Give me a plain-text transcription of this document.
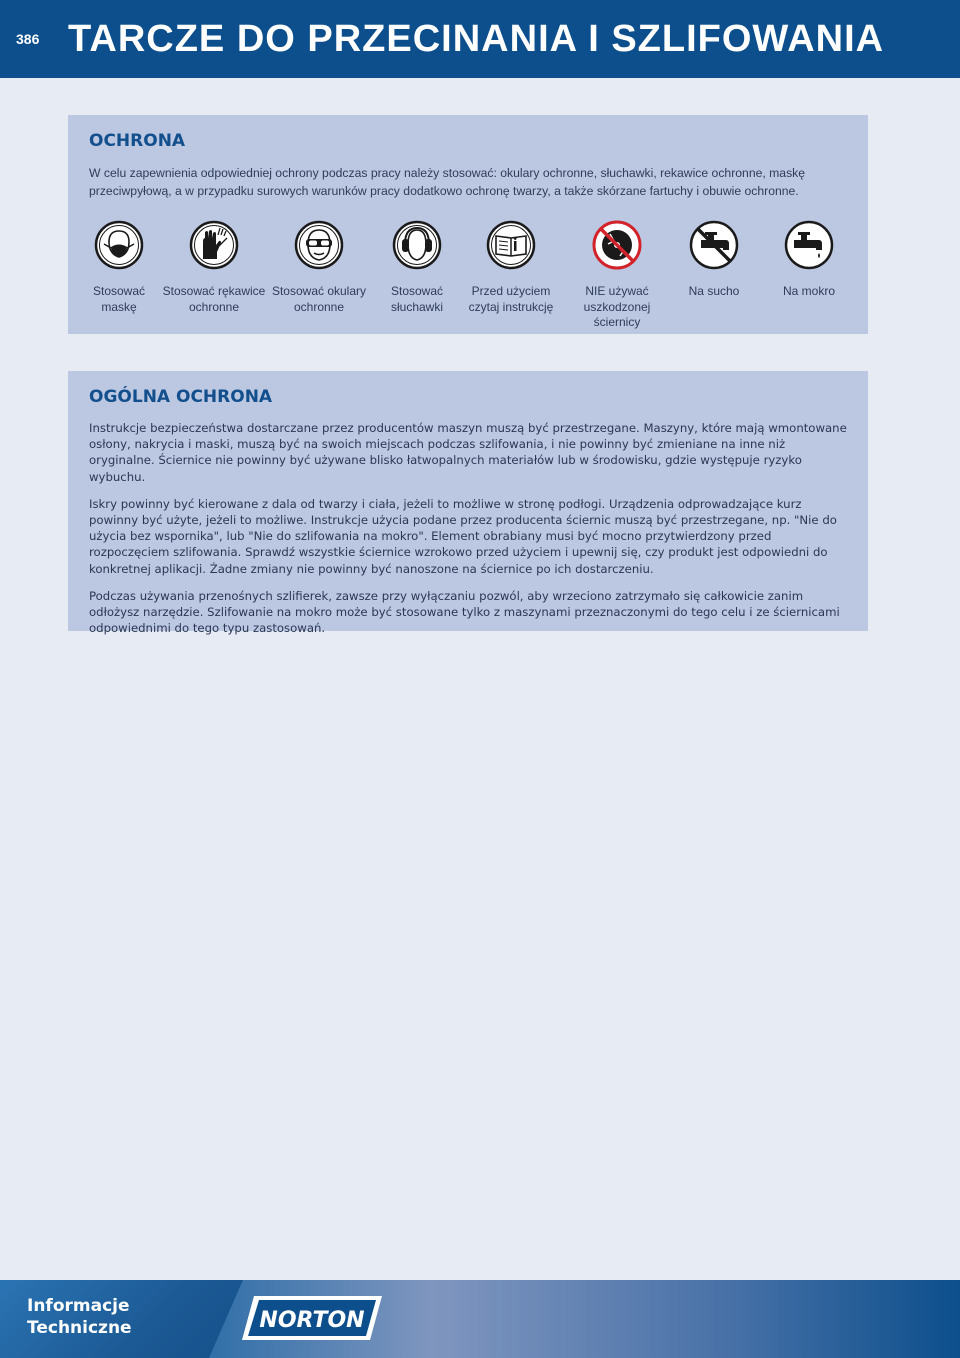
386 TARCZE DO PRZECINANIA I SZLIFOWANIA
OCHRONA
W celu zapewnienia odpowiedniej ochrony podczas pracy należy stosować: okulary ochronne, słuchawki, rekawice ochronne, maskę przeciwpyłową, a w przypadku surowych warunków pracy dodatkowo ochronę twarzy, a także skórzane fartuchy i obuwie ochronne.
Stosować
maskę
Stosować rękawice
ochronne
Stosować okulary
ochronne
Stosować
słuchawki
Przed użyciem
czytaj instrukcję
NIE używać
uszkodzonej
ściernicy
Na sucho	Na mokro
OGÓLNA OCHRONA

Instrukcje bezpieczeństwa dostarczane przez producentów maszyn muszą być przestrzegane. Maszyny, które mają wmontowane osłony, nakrycia i maski, muszą być na swoich miejscach podczas szlifowania, i nie powinny być zmieniane na inne niż oryginalne. Ściernice nie powinny być używane blisko łatwopalnych materiałów lub w środowisku, gdzie występuje ryzyko wybuchu.

Iskry powinny być kierowane z dala od twarzy i ciała, jeżeli to możliwe w stronę podłogi. Urządzenia odprowadzające kurz powinny być użyte, jeżeli to możliwe. Instrukcje użycia podane przez producenta ściernic muszą być przestrzegane, np. "Nie do użycia bez wspornika", lub "Nie do szlifowania na mokro". Element obrabiany musi być mocno przytwierdzony przed rozpoczęciem szlifowania. Sprawdź wszystkie ściernice wzrokowo przed użyciem i upewnij się, czy produkt jest odpowiedni do konkretnej aplikacji. Żadne zmiany nie powinny być nanoszone na ściernice po ich dostarczeniu.

Podczas używania przenośnych szlifierek, zawsze przy wyłączaniu pozwól, aby wrzeciono zatrzymało się całkowicie zanim odłożysz narzędzie. Szlifowanie na mokro może być stosowane tylko z maszynami przeznaczonymi do tego celu i ze ściernicami odpowiednimi do tego typu zastosowań.

Informacje
Techniczne	NORTON
